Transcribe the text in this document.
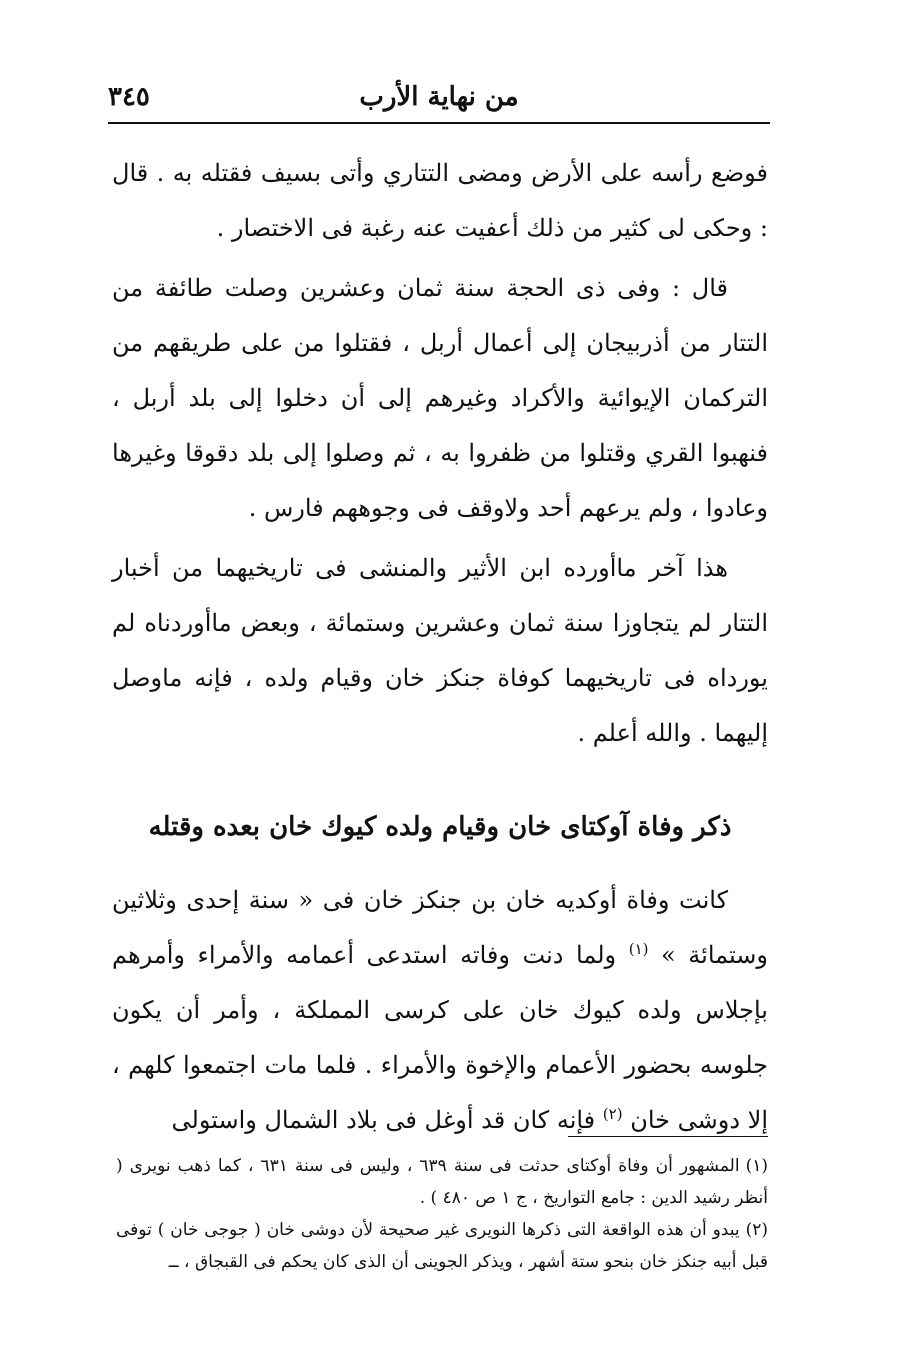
من نهاية الأرب
٣٤٥

فوضع رأسه على الأرض ومضى التتاري وأتى بسيف فقتله به . قال : وحكى لى كثير من ذلك أعفيت عنه رغبة فى الاختصار .

قال : وفى ذى الحجة سنة ثمان وعشرين وصلت طائفة من التتار من أذربيجان إلى أعمال أربل ، فقتلوا من على طريقهم من التركمان الإيوائية والأكراد وغيرهم إلى أن دخلوا إلى بلد أربل ، فنهبوا القري وقتلوا من ظفروا به ، ثم وصلوا إلى بلد دقوقا وغيرها وعادوا ، ولم يرعهم أحد ولاوقف فى وجوههم فارس .

هذا آخر ماأورده ابن الأثير والمنشى فى تاريخيهما من أخبار التتار لم يتجاوزا سنة ثمان وعشرين وستمائة ، وبعض ماأوردناه لم يورداه فى تاريخيهما كوفاة جنكز خان وقيام ولده ، فإنه ماوصل إليهما . والله أعلم .

ذكر وفاة آوكتاى خان وقيام ولده كيوك خان بعده وقتله

كانت وفاة أوكديه خان بن جنكز خان فى « سنة إحدى وثلاثين وستمائة » $^{(١)}$ ولما دنت وفاته استدعى أعمامه والأمراء وأمرهم بإجلاس ولده كيوك خان على كرسى المملكة ، وأمر أن يكون جلوسه بحضور الأعمام والإخوة والأمراء . فلما مات اجتمعوا كلهم ، إلا دوشى خان $^{(٢)}$ فإنه كان قد أوغل فى بلاد الشمال واستولى

(١)المشهور أن وفاة أوكتاى حدثت فى سنة ٦٣٩ ، وليس فى سنة ٦٣١ ، كما ذهب نويرى ( أنظر رشيد الدين : جامع التواريخ ، ج ١ ص ٤٨٠ ) .

(٢)يبدو أن هذه الواقعة التى ذكرها النويرى غير صحيحة لأن دوشى خان ( جوجى خان ) توفى قبل أبيه جنكز خان بنحو ستة أشهر ، ويذكر الجوينى أن الذى كان يحكم فى القبجاق ، ــ
